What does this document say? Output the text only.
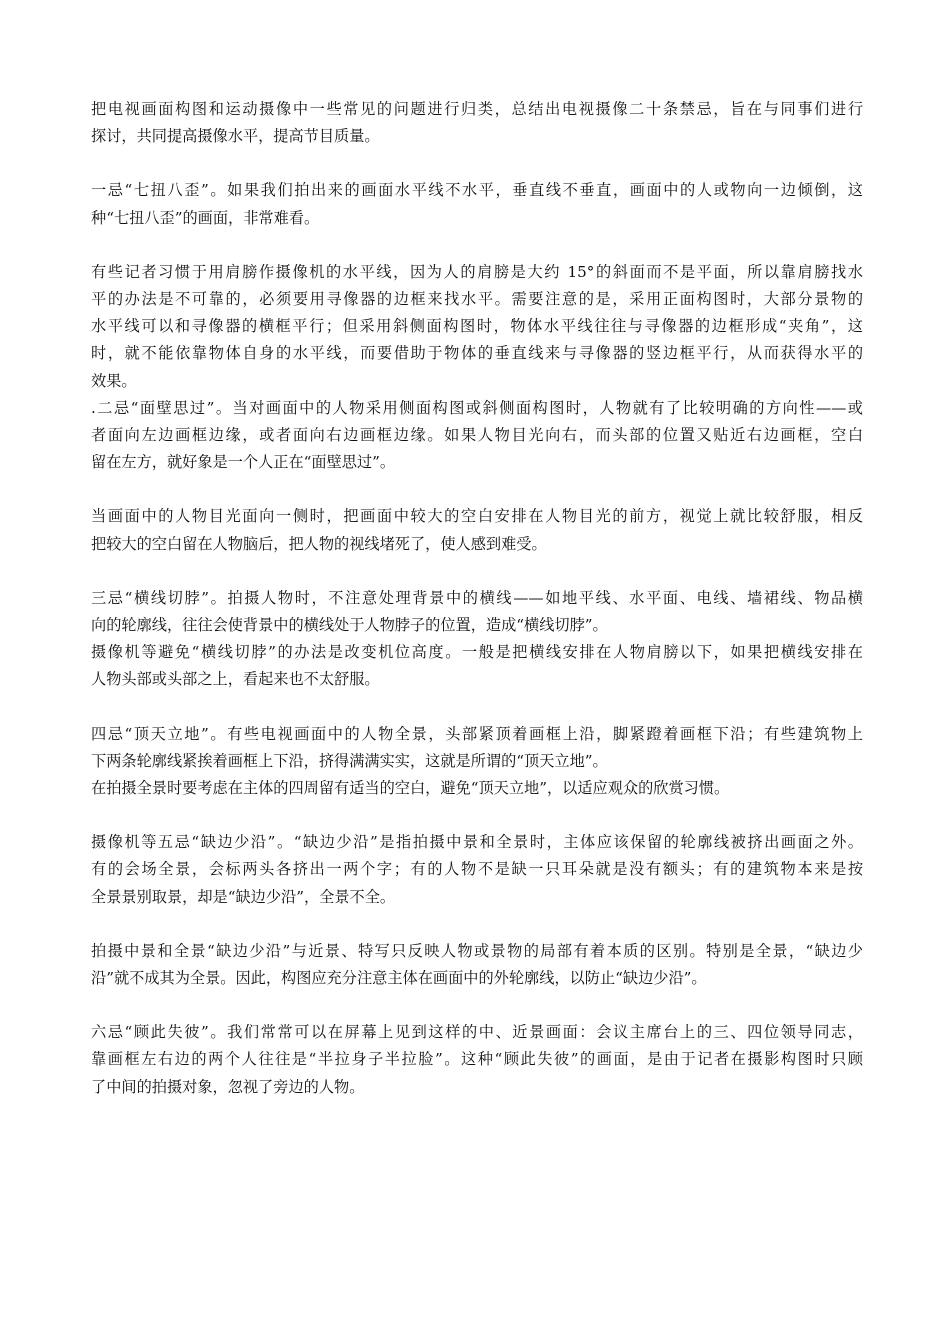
把电视画面构图和运动摄像中一些常见的问题进行归类，总结出电视摄像二十条禁忌，旨在与同事们进行
探讨，共同提高摄像水平，提高节目质量。

一忌“七扭八歪”。如果我们拍出来的画面水平线不水平，垂直线不垂直，画面中的人或物向一边倾倒，这
种“七扭八歪”的画面，非常难看。

有些记者习惯于用肩膀作摄像机的水平线，因为人的肩膀是大约 15°的斜面而不是平面，所以靠肩膀找水
平的办法是不可靠的，必须要用寻像器的边框来找水平。需要注意的是，采用正面构图时，大部分景物的
水平线可以和寻像器的横框平行；但采用斜侧面构图时，物体水平线往往与寻像器的边框形成“夹角”，这
时，就不能依靠物体自身的水平线，而要借助于物体的垂直线来与寻像器的竖边框平行，从而获得水平的
效果。

.二忌“面壁思过”。当对画面中的人物采用侧面构图或斜侧面构图时，人物就有了比较明确的方向性——或
者面向左边画框边缘，或者面向右边画框边缘。如果人物目光向右，而头部的位置又贴近右边画框，空白
留在左方，就好象是一个人正在“面壁思过”。

当画面中的人物目光面向一侧时，把画面中较大的空白安排在人物目光的前方，视觉上就比较舒服，相反
把较大的空白留在人物脑后，把人物的视线堵死了，使人感到难受。

三忌“横线切脖”。拍摄人物时，不注意处理背景中的横线——如地平线、水平面、电线、墙裙线、物品横
向的轮廓线，往往会使背景中的横线处于人物脖子的位置，造成“横线切脖”。

摄像机等避免“横线切脖”的办法是改变机位高度。一般是把横线安排在人物肩膀以下，如果把横线安排在
人物头部或头部之上，看起来也不太舒服。

四忌“顶天立地”。有些电视画面中的人物全景，头部紧顶着画框上沿，脚紧蹬着画框下沿；有些建筑物上
下两条轮廓线紧挨着画框上下沿，挤得满满实实，这就是所谓的“顶天立地”。

在拍摄全景时要考虑在主体的四周留有适当的空白，避免“顶天立地”，以适应观众的欣赏习惯。

摄像机等五忌“缺边少沿”。“缺边少沿”是指拍摄中景和全景时，主体应该保留的轮廓线被挤出画面之外。
有的会场全景，会标两头各挤出一两个字；有的人物不是缺一只耳朵就是没有额头；有的建筑物本来是按
全景景别取景，却是“缺边少沿”，全景不全。

拍摄中景和全景“缺边少沿”与近景、特写只反映人物或景物的局部有着本质的区别。特别是全景，“缺边少
沿”就不成其为全景。因此，构图应充分注意主体在画面中的外轮廓线，以防止“缺边少沿”。

六忌“顾此失彼”。我们常常可以在屏幕上见到这样的中、近景画面：会议主席台上的三、四位领导同志，
靠画框左右边的两个人往往是“半拉身子半拉脸”。这种“顾此失彼”的画面，是由于记者在摄影构图时只顾
了中间的拍摄对象，忽视了旁边的人物。
